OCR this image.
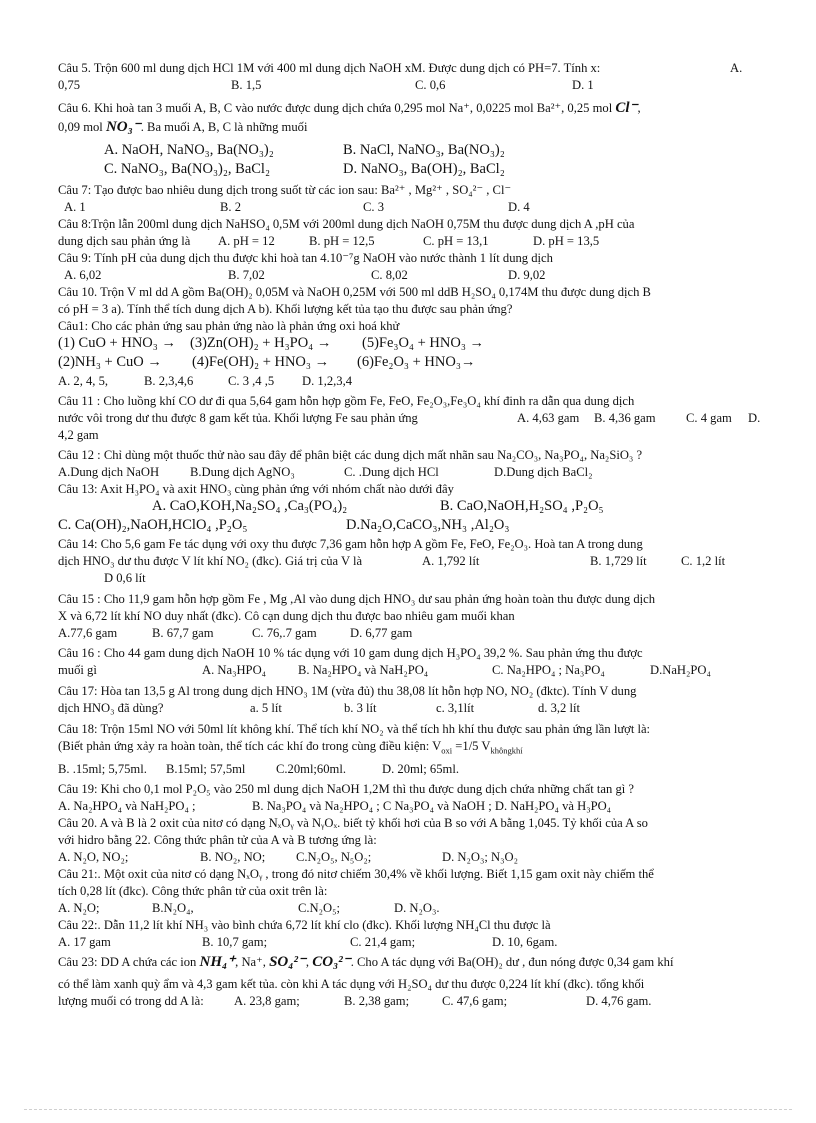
Câu 5. Trộn 600 ml dung dịch HCl 1M với 400 ml dung dịch NaOH xM. Được dung dịch có PH=7. Tính x:	A.
0,75	B. 1,5	C. 0,6	D. 1
Câu 6. Khi hoà tan 3 muối A, B, C vào nước được dung dịch chứa 0,295 mol Na⁺, 0,0225 mol Ba²⁺, 0,25 mol Cl⁻,
0,09 mol NO₃⁻. Ba muối A, B, C là những muối
A. NaOH, NaNO₃, Ba(NO₃)₂	B. NaCl, NaNO₃, Ba(NO₃)₂
C. NaNO₃, Ba(NO₃)₂, BaCl₂	D. NaNO₃, Ba(OH)₂, BaCl₂
Câu 7: Tạo được bao nhiêu dung dịch trong suốt từ các ion sau: Ba²⁺ , Mg²⁺ , SO₄²⁻ , Cl⁻
A. 1	B. 2	C. 3	D. 4
Câu 8:Trộn lẫn 200ml dung dịch NaHSO₄ 0,5M với 200ml dung dịch NaOH 0,75M thu được dung dịch A ,pH của
dung dịch sau phản ứng là A. pH = 12	B. pH = 12,5	C. pH = 13,1	D. pH = 13,5
Câu 9: Tính pH của dung dịch thu được khi hoà tan 4.10⁻⁷g NaOH vào nước thành 1 lít dung dịch
A. 6,02	B. 7,02	C. 8,02	D. 9,02
Câu 10. Trộn V ml dd A gồm Ba(OH)₂ 0,05M và NaOH 0,25M với 500 ml ddB H₂SO₄ 0,174M thu được dung dịch B
có pH = 3 a). Tính thể tích dung dịch A b). Khối lượng kết tủa tạo thu được sau phản ứng?
Câu1: Cho các phản ứng sau phản ứng nào là phản ứng oxi hoá khử
(1) CuO + HNO₃ → (3)Zn(OH)₂ + H₃PO₄ → (5)Fe₃O₄ + HNO₃ →
(2)NH₃ + CuO → (4)Fe(OH)₂ + HNO₃ → (6)Fe₂O₃ + HNO₃→
A. 2, 4, 5,	B. 2,3,4,6	C. 3 ,4 ,5 D. 1,2,3,4
Câu 11 : Cho luồng khí CO dư đi qua 5,64 gam hỗn hợp gồm Fe, FeO, Fe₂O₃,Fe₃O₄ khí đinh ra dẫn qua dung dịch
nước vôi trong dư thu được 8 gam kết tủa. Khối lượng Fe sau phản ứng	A. 4,63 gam B. 4,36 gam C. 4 gam D.
4,2 gam
Câu 12 : Chỉ dùng một thuốc thử nào sau đây để phân biệt các dung dịch mất nhãn sau Na₂CO₃, Na₃PO₄, Na₂SiO₃ ?
A.Dung dịch NaOH B.Dung dịch AgNO₃	C. .Dung dịch HCl	D.Dung dịch BaCl₂
Câu 13: Axit H₃PO₄ và axit HNO₃ cùng phản ứng với nhóm chất nào dưới đây
A. CaO,KOH,Na₂SO₄ ,Ca₃(PO₄)₂	B. CaO,NaOH,H₂SO₄ ,P₂O₅
C. Ca(OH)₂,NaOH,HClO₄ ,P₂O₅	D.Na₂O,CaCO₃,NH₃ ,Al₂O₃
Câu 14: Cho 5,6 gam Fe tác dụng với oxy thu được 7,36 gam hỗn hợp A gồm Fe, FeO, Fe₂O₃. Hoà tan A trong dung
dịch HNO₃ dư thu được V lít khí NO₂ (đkc). Giá trị của V là	A. 1,792 lít	B. 1,729 lít	C. 1,2 lít
D 0,6 lít
Câu 15 : Cho 11,9 gam hỗn hợp gồm Fe , Mg ,Al vào dung dịch HNO₃ dư sau phản ứng hoàn toàn thu được dung dịch
X và 6,72 lít khí NO duy nhất (đkc). Cô cạn dung dịch thu được bao nhiêu gam muối khan
A.77,6 gam	B. 67,7 gam	C. 76,.7 gam	D. 6,77 gam
Câu 16 : Cho 44 gam dung dịch NaOH 10 % tác dụng với 10 gam dung dịch H₃PO₄ 39,2 %. Sau phản ứng thu được
muối gì	A. Na₃HPO₄	B. Na₂HPO₄ và NaH₂PO₄	C. Na₂HPO₄ ; Na₃PO₄	D.NaH₂PO₄
Câu 17: Hòa tan 13,5 g Al trong dung dịch HNO₃ 1M (vừa đủ) thu 38,08 lít hỗn hợp NO, NO₂ (đktc). Tính V dung
dịch HNO₃ đã dùng?	a. 5 lít	b. 3 lít	c. 3,1lít	d. 3,2 lít
Câu 18: Trộn 15ml NO với 50ml lít không khí. Thể tích khí NO₂ và thể tích hh khí thu được sau phản ứng lần lượt là:
(Biết phản ứng xảy ra hoàn toàn, thể tích các khí đo trong cùng điều kiện: $V_{oxi} =1/5$ $V_{khôngkhí}$
B. .15ml; 5,75ml. B.15ml; 57,5ml C.20ml;60ml.	D. 20ml; 65ml.
Câu 19: Khi cho 0,1 mol P₂O₅ vào 250 ml dung dịch NaOH 1,2M thì thu được dung dịch chứa những chất tan gì ?
A. Na₂HPO₄ và NaH₂PO₄ ;	B. Na₃PO₄ và Na₂HPO₄ ; C Na₃PO₄ và NaOH ; D. NaH₂PO₄ và H₃PO₄
Câu 20. A và B là 2 oxit của nitơ có dạng NₓOᵧ và NᵧOₓ. biết tỷ khối hơi của B so với A bằng 1,045. Tỷ khối của A so
với hidro bằng 22. Công thức phân tử của A và B tương ứng là:
A. N₂O, NO₂;	B. NO₂, NO; C.N₂O₅, N₅O₂;	D. N₂O₃; N₃O₂
Câu 21:. Một oxit của nitơ có dạng NₓOᵧ , trong đó nitơ chiếm 30,4% về khối lượng. Biết 1,15 gam oxit này chiếm thể
tích 0,28 lít (đkc). Công thức phân tử của oxit trên là:
A. N₂O;	B.N₂O₄,	C.N₂O₅;	D. N₂O₃.
Câu 22:. Dẫn 11,2 lít khí NH₃ vào bình chứa 6,72 lít khí clo (đkc). Khối lượng NH₄Cl thu được là
A. 17 gam	B. 10,7 gam;	C. 21,4 gam;	D. 10, 6gam.
Câu 23: DD A chứa các ion NH₄⁺, Na⁺, SO₄²⁻, CO₃²⁻. Cho A tác dụng với Ba(OH)₂ dư , đun nóng được 0,34 gam khí
có thể làm xanh quỳ ẩm và 4,3 gam kết tủa. còn khi A tác dụng với H₂SO₄ dư thu được 0,224 lít khí (đkc). tổng khối
lượng muối có trong dd A là: A. 23,8 gam;	B. 2,38 gam;	C. 47,6 gam;	D. 4,76 gam.
